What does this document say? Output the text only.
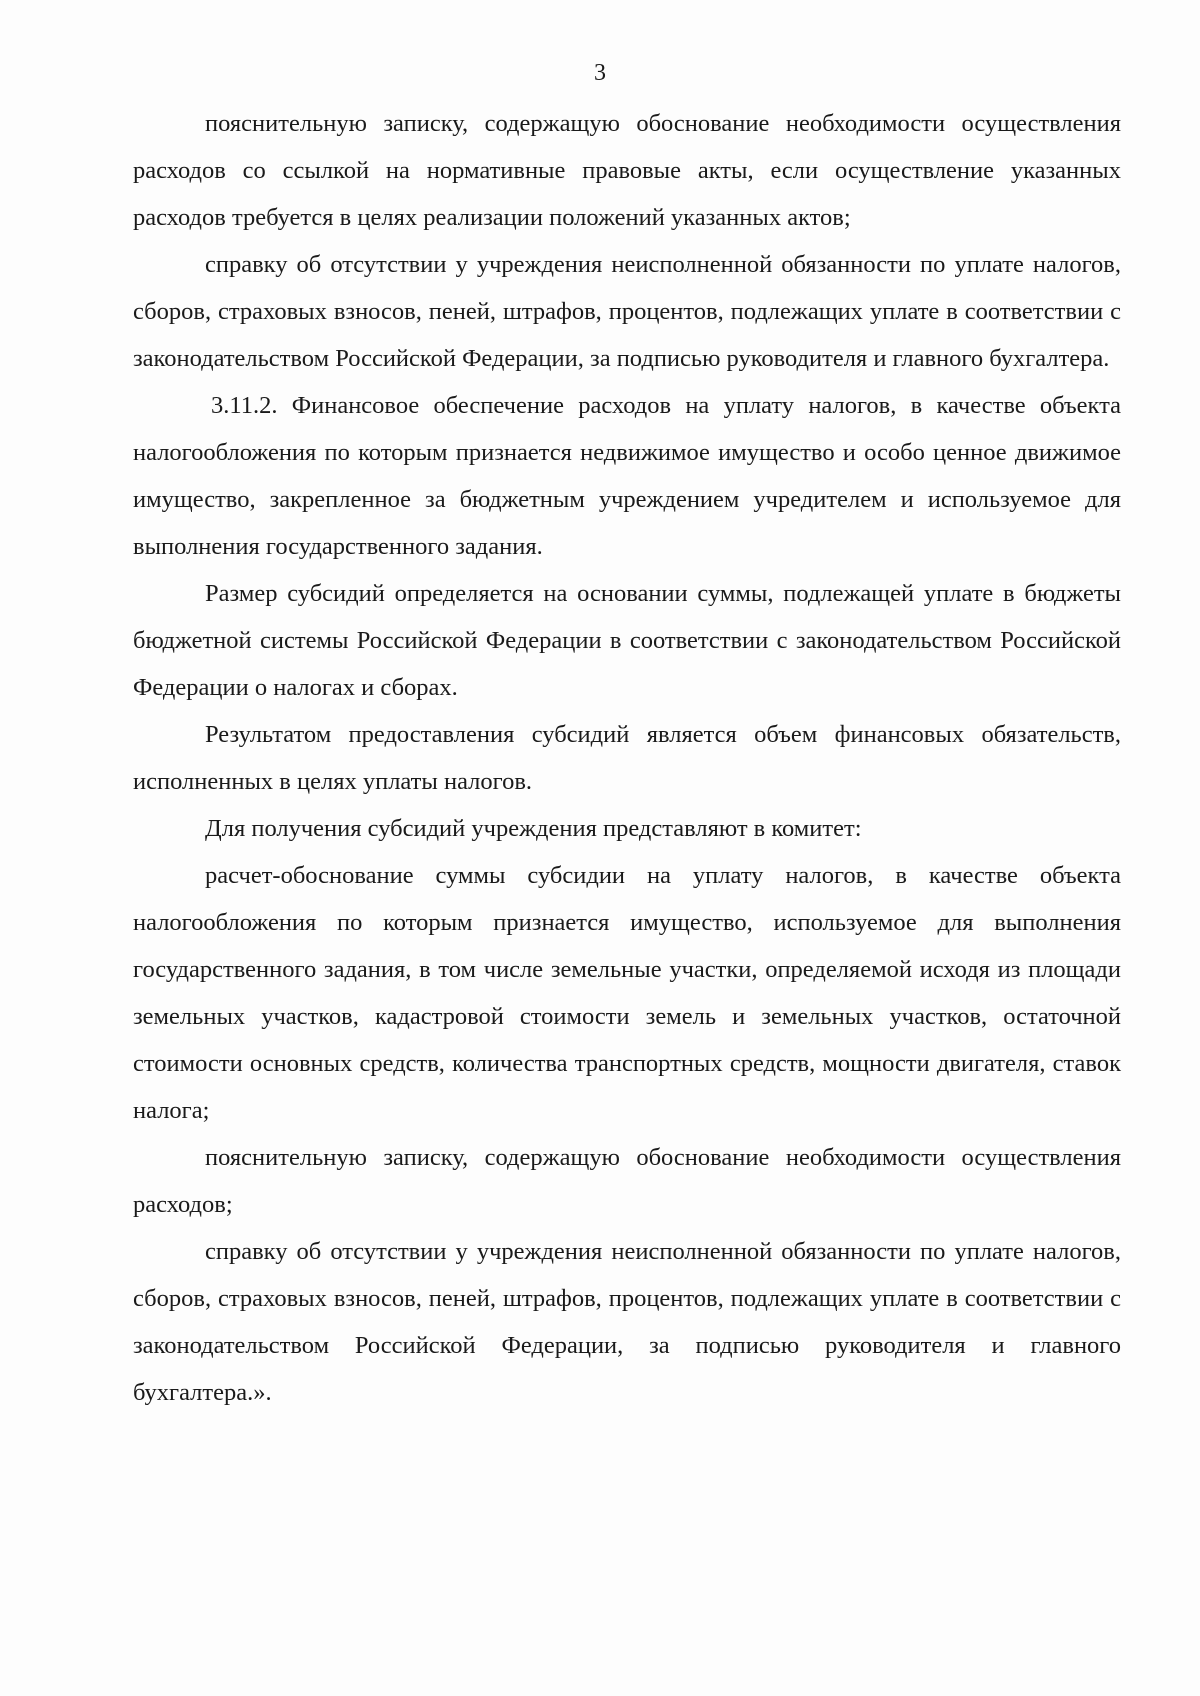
3

пояснительную записку, содержащую обоснование необходимости осуществления расходов со ссылкой на нормативные правовые акты, если осуществление указанных расходов требуется в целях реализации положений указанных актов;

справку об отсутствии у учреждения неисполненной обязанности по уплате налогов, сборов, страховых взносов, пеней, штрафов, процентов, подлежащих уплате в соответствии с законодательством Российской Федерации, за подписью руководителя и главного бухгалтера.

3.11.2. Финансовое обеспечение расходов на уплату налогов, в качестве объекта налогообложения по которым признается недвижимое имущество и особо ценное движимое имущество, закрепленное за бюджетным учреждением учредителем и используемое для выполнения государственного задания.

Размер субсидий определяется на основании суммы, подлежащей уплате в бюджеты бюджетной системы Российской Федерации в соответствии с законодательством Российской Федерации о налогах и сборах.

Результатом предоставления субсидий является объем финансовых обязательств, исполненных в целях уплаты налогов.

Для получения субсидий учреждения представляют в комитет:

расчет-обоснование суммы субсидии на уплату налогов, в качестве объекта налогообложения по которым признается имущество, используемое для выполнения государственного задания, в том числе земельные участки, определяемой исходя из площади земельных участков, кадастровой стоимости земель и земельных участков, остаточной стоимости основных средств, количества транспортных средств, мощности двигателя, ставок налога;

пояснительную записку, содержащую обоснование необходимости осуществления расходов;

справку об отсутствии у учреждения неисполненной обязанности по уплате налогов, сборов, страховых взносов, пеней, штрафов, процентов, подлежащих уплате в соответствии с законодательством Российской Федерации, за подписью руководителя и главного бухгалтера.».
